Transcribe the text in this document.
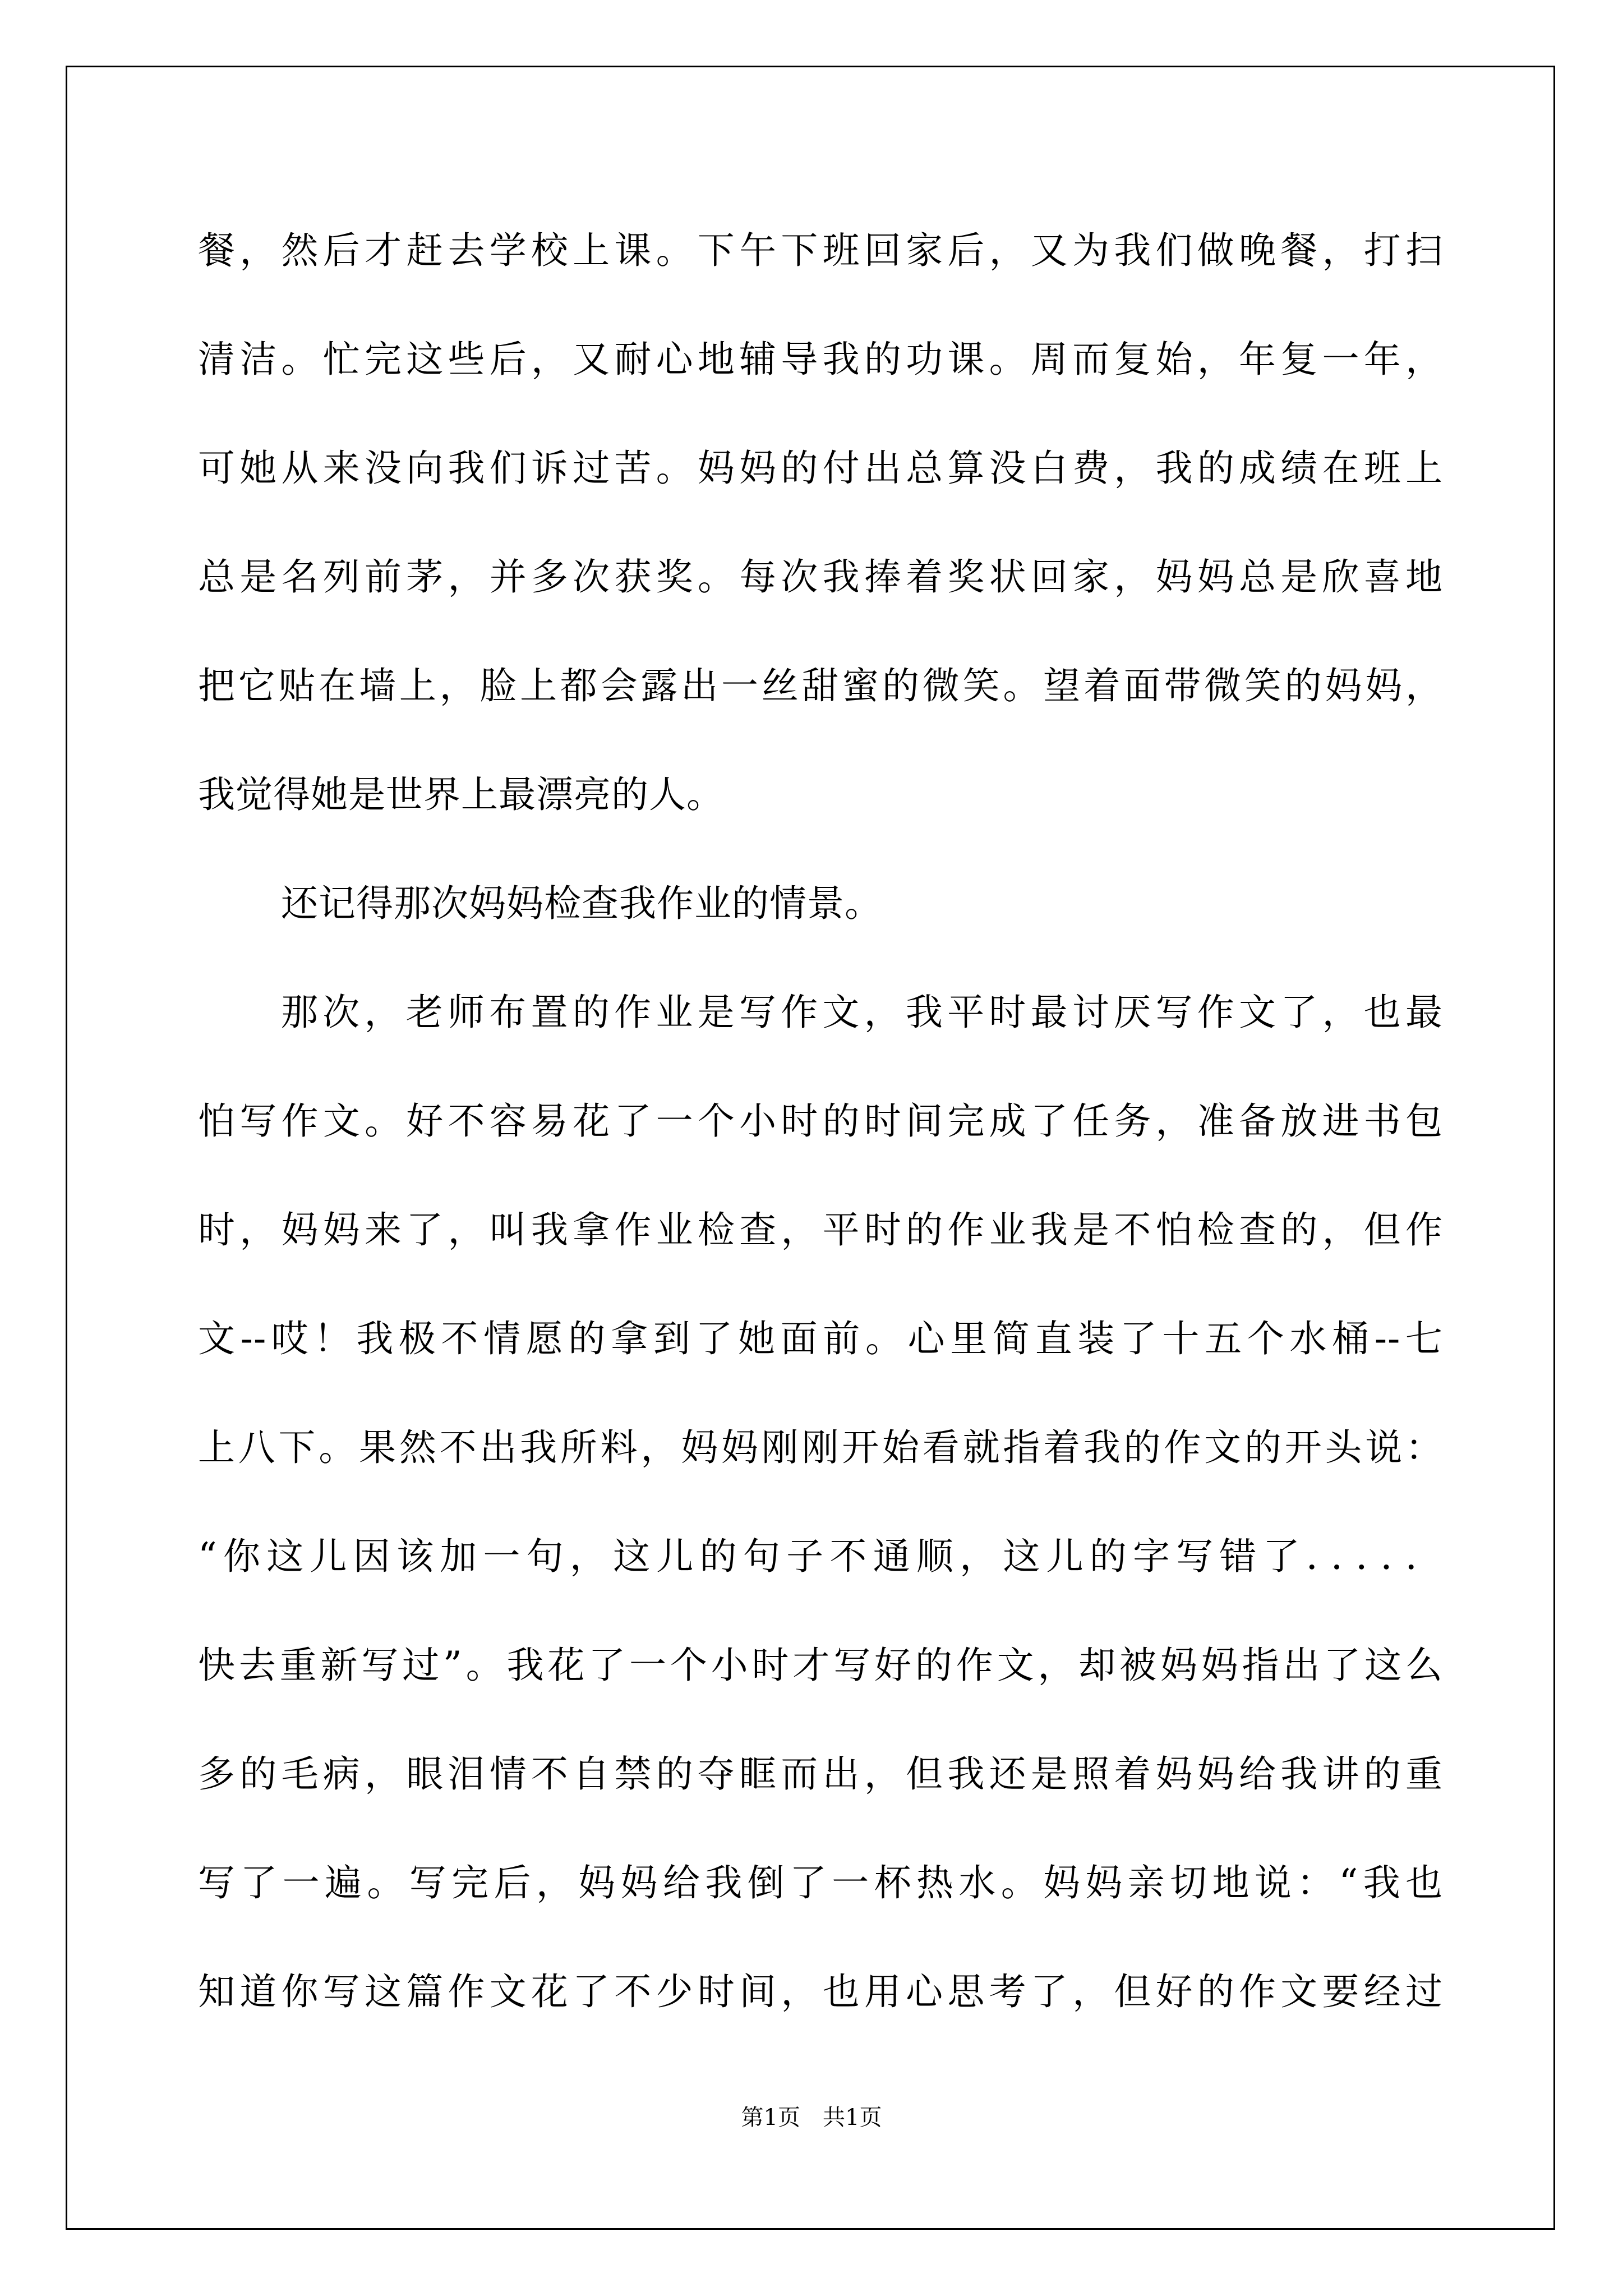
餐，然后才赶去学校上课。下午下班回家后，又为我们做晚餐，打扫
清洁。忙完这些后，又耐心地辅导我的功课。周而复始，年复一年，
可她从来没向我们诉过苦。妈妈的付出总算没白费，我的成绩在班上
总是名列前茅，并多次获奖。每次我捧着奖状回家，妈妈总是欣喜地
把它贴在墙上，脸上都会露出一丝甜蜜的微笑。望着面带微笑的妈妈，
我觉得她是世界上最漂亮的人。
还记得那次妈妈检查我作业的情景。
那次，老师布置的作业是写作文，我平时最讨厌写作文了，也最
怕写作文。好不容易花了一个小时的时间完成了任务，准备放进书包
时，妈妈来了，叫我拿作业检查，平时的作业我是不怕检查的，但作
文--哎！我极不情愿的拿到了她面前。心里简直装了十五个水桶--七
上八下。果然不出我所料，妈妈刚刚开始看就指着我的作文的开头说：
“你这儿因该加一句，这儿的句子不通顺，这儿的字写错了．．．．．
快去重新写过”。我花了一个小时才写好的作文，却被妈妈指出了这么
多的毛病，眼泪情不自禁的夺眶而出，但我还是照着妈妈给我讲的重
写了一遍。写完后，妈妈给我倒了一杯热水。妈妈亲切地说：“我也
知道你写这篇作文花了不少时间，也用心思考了，但好的作文要经过
第1页　共1页
